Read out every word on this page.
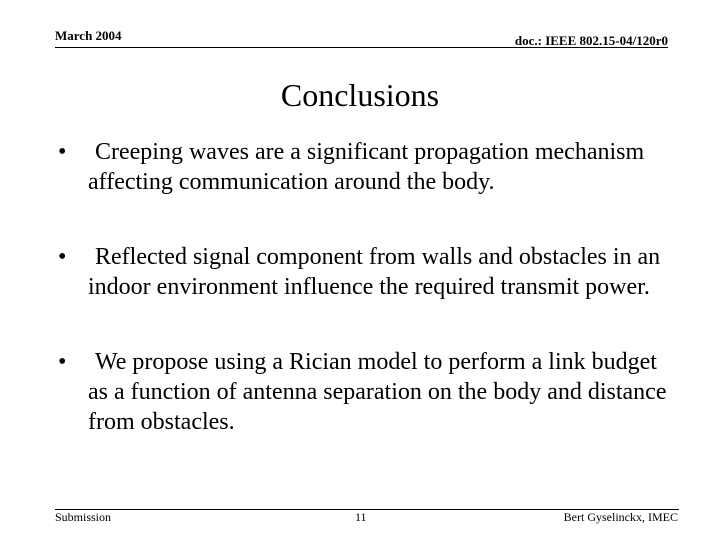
March 2004	doc.: IEEE 802.15-04/120r0
Conclusions
• Creeping waves are a significant propagation mechanism affecting communication around the body.
• Reflected signal component from walls and obstacles in an indoor environment influence the required transmit power.
• We propose using a Rician model to perform a link budget as a function of antenna separation on the body and distance from obstacles.
Submission	11	Bert Gyselinckx, IMEC
